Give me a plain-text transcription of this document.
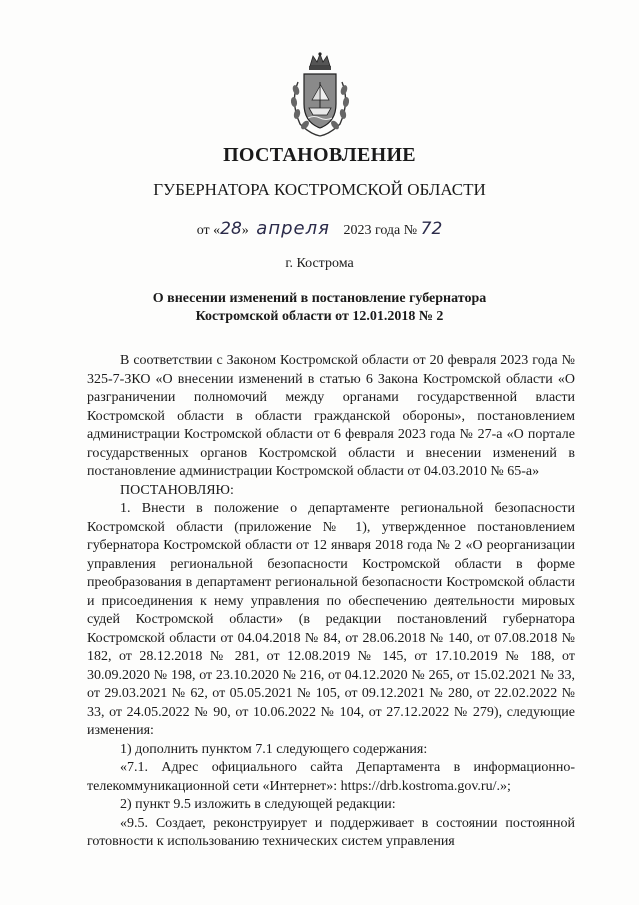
ПОСТАНОВЛЕНИЕ
ГУБЕРНАТОРА КОСТРОМСКОЙ ОБЛАСТИ
от «28» апреля 2023 года № 72
г. Кострома
О внесении изменений в постановление губернатора
Костромской области от 12.01.2018 № 2

В соответствии с Законом Костромской области от 20 февраля 2023 года № 325-7-ЗКО «О внесении изменений в статью 6 Закона Костромской области «О разграничении полномочий между органами государственной власти Костромской области в области гражданской обороны», постановлением администрации Костромской области от 6 февраля 2023 года № 27-а «О портале государственных органов Костромской области и внесении изменений в постановление администрации Костромской области от 04.03.2010 № 65-а»

ПОСТАНОВЛЯЮ:

1. Внести в положение о департаменте региональной безопасности Костромской области (приложение № 1), утвержденное постановлением губернатора Костромской области от 12 января 2018 года № 2 «О реорганизации управления региональной безопасности Костромской области в форме преобразования в департамент региональной безопасности Костромской области и присоединения к нему управления по обеспечению деятельности мировых судей Костромской области» (в редакции постановлений губернатора Костромской области от 04.04.2018 № 84, от 28.06.2018 № 140, от 07.08.2018 № 182, от 28.12.2018 № 281, от 12.08.2019 № 145, от 17.10.2019 № 188, от 30.09.2020 № 198, от 23.10.2020 № 216, от 04.12.2020 № 265, от 15.02.2021 № 33, от 29.03.2021 № 62, от 05.05.2021 № 105, от 09.12.2021 № 280, от 22.02.2022 № 33, от 24.05.2022 № 90, от 10.06.2022 № 104, от 27.12.2022 № 279), следующие изменения:

1) дополнить пунктом 7.1 следующего содержания:

«7.1. Адрес официального сайта Департамента в информационно-телекоммуникационной сети «Интернет»: https://drb.kostroma.gov.ru/.»;

2) пункт 9.5 изложить в следующей редакции:

«9.5. Создает, реконструирует и поддерживает в состоянии постоянной готовности к использованию технических систем управления
